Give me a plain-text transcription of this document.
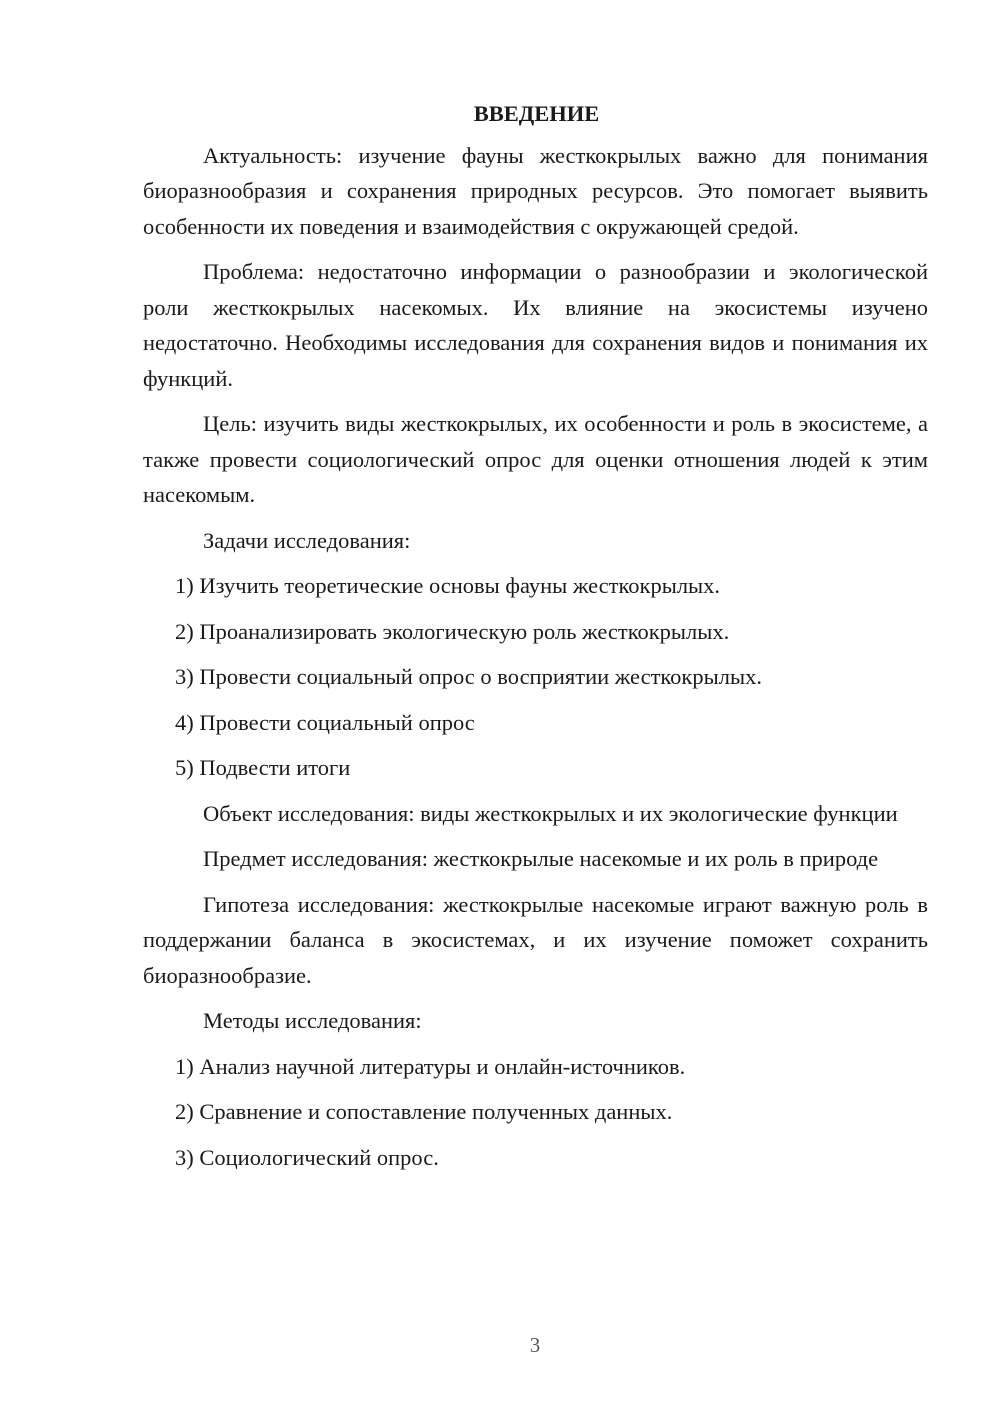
ВВЕДЕНИЕ

Актуальность: изучение фауны жесткокрылых важно для понимания биоразнообразия и сохранения природных ресурсов. Это помогает выявить особенности их поведения и взаимодействия с окружающей средой.

Проблема: недостаточно информации о разнообразии и экологической роли жесткокрылых насекомых. Их влияние на экосистемы изучено недостаточно. Необходимы исследования для сохранения видов и понимания их функций.

Цель: изучить виды жесткокрылых, их особенности и роль в экосистеме, а также провести социологический опрос для оценки отношения людей к этим насекомым.

Задачи исследования:

1) Изучить теоретические основы фауны жесткокрылых.
2) Проанализировать экологическую роль жесткокрылых.
3) Провести социальный опрос о восприятии жесткокрылых.
4) Провести социальный опрос
5) Подвести итоги

Объект исследования: виды жесткокрылых и их экологические функции

Предмет исследования: жесткокрылые насекомые и их роль в природе

Гипотеза исследования: жесткокрылые насекомые играют важную роль в поддержании баланса в экосистемах, и их изучение поможет сохранить биоразнообразие.

Методы исследования:

1) Анализ научной литературы и онлайн-источников.
2) Сравнение и сопоставление полученных данных.
3) Социологический опрос.
3
